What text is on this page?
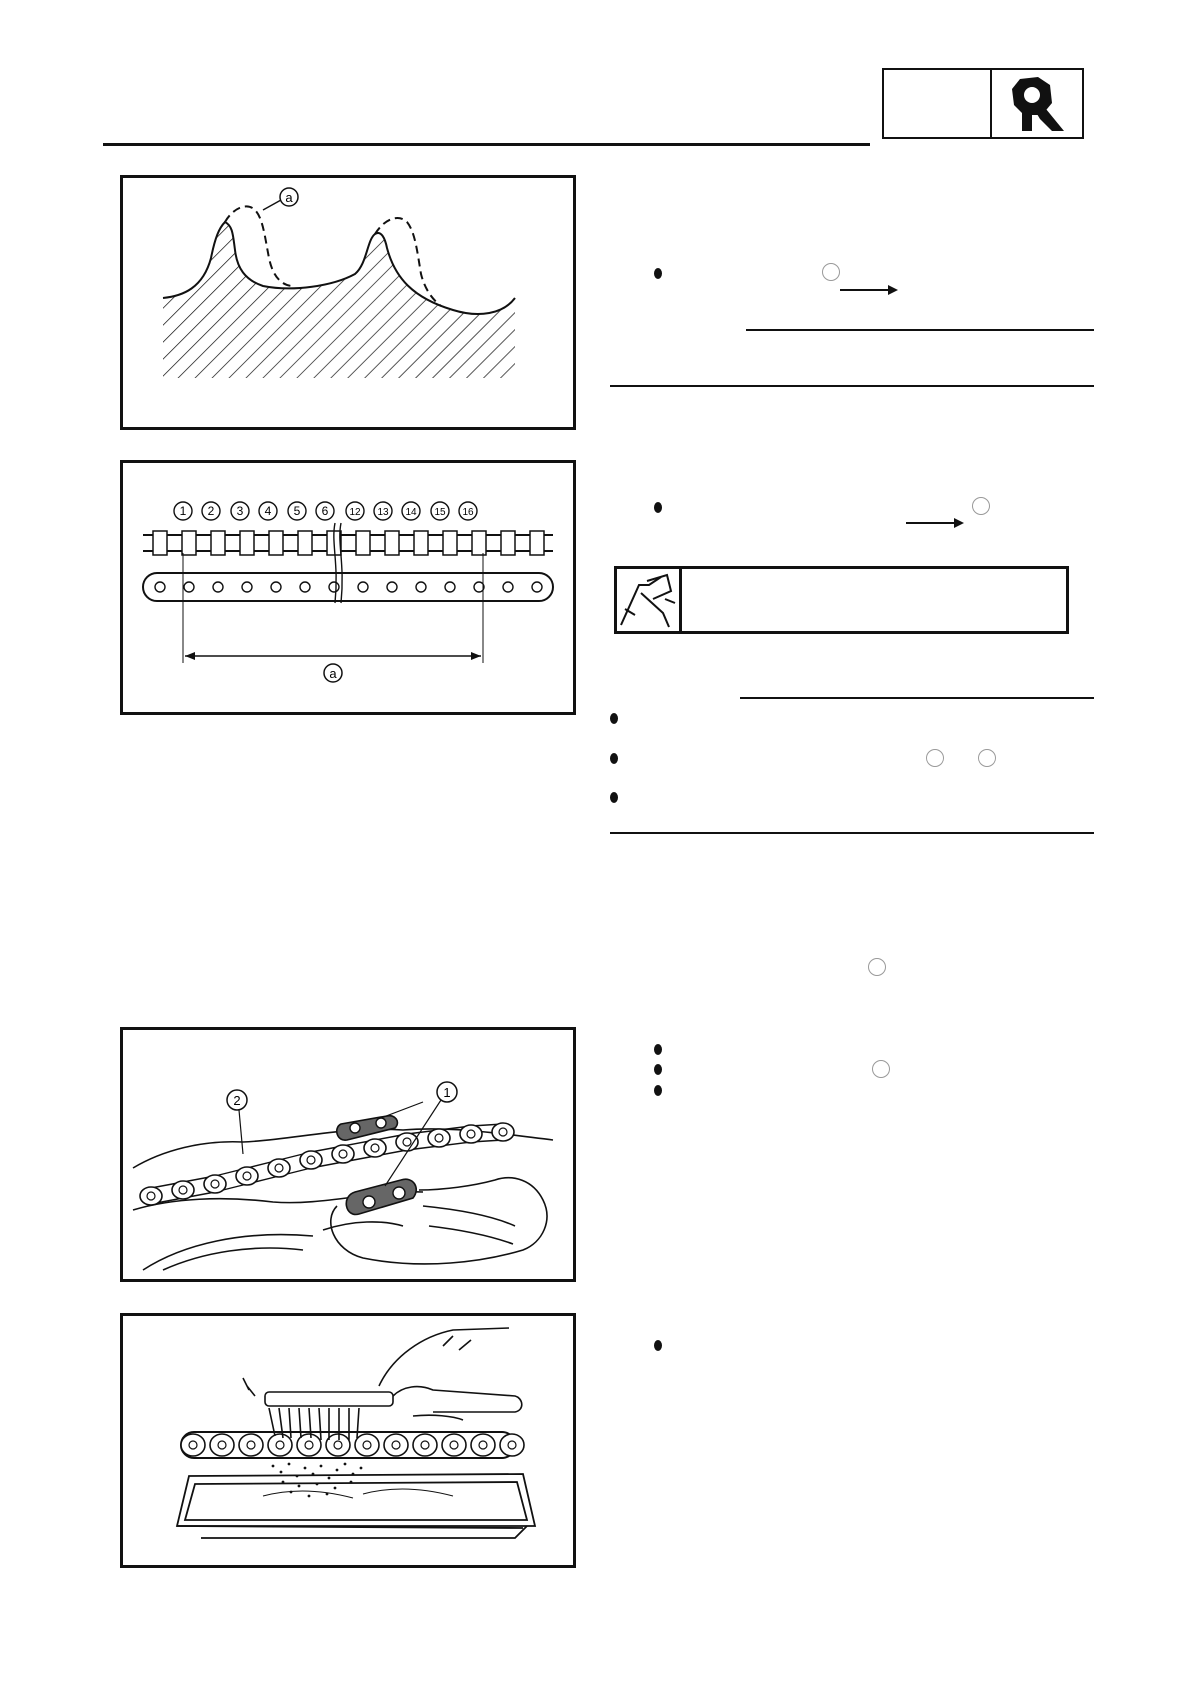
a
1 2 3 4 5 6 12 13 14 15 16
a
1
2
